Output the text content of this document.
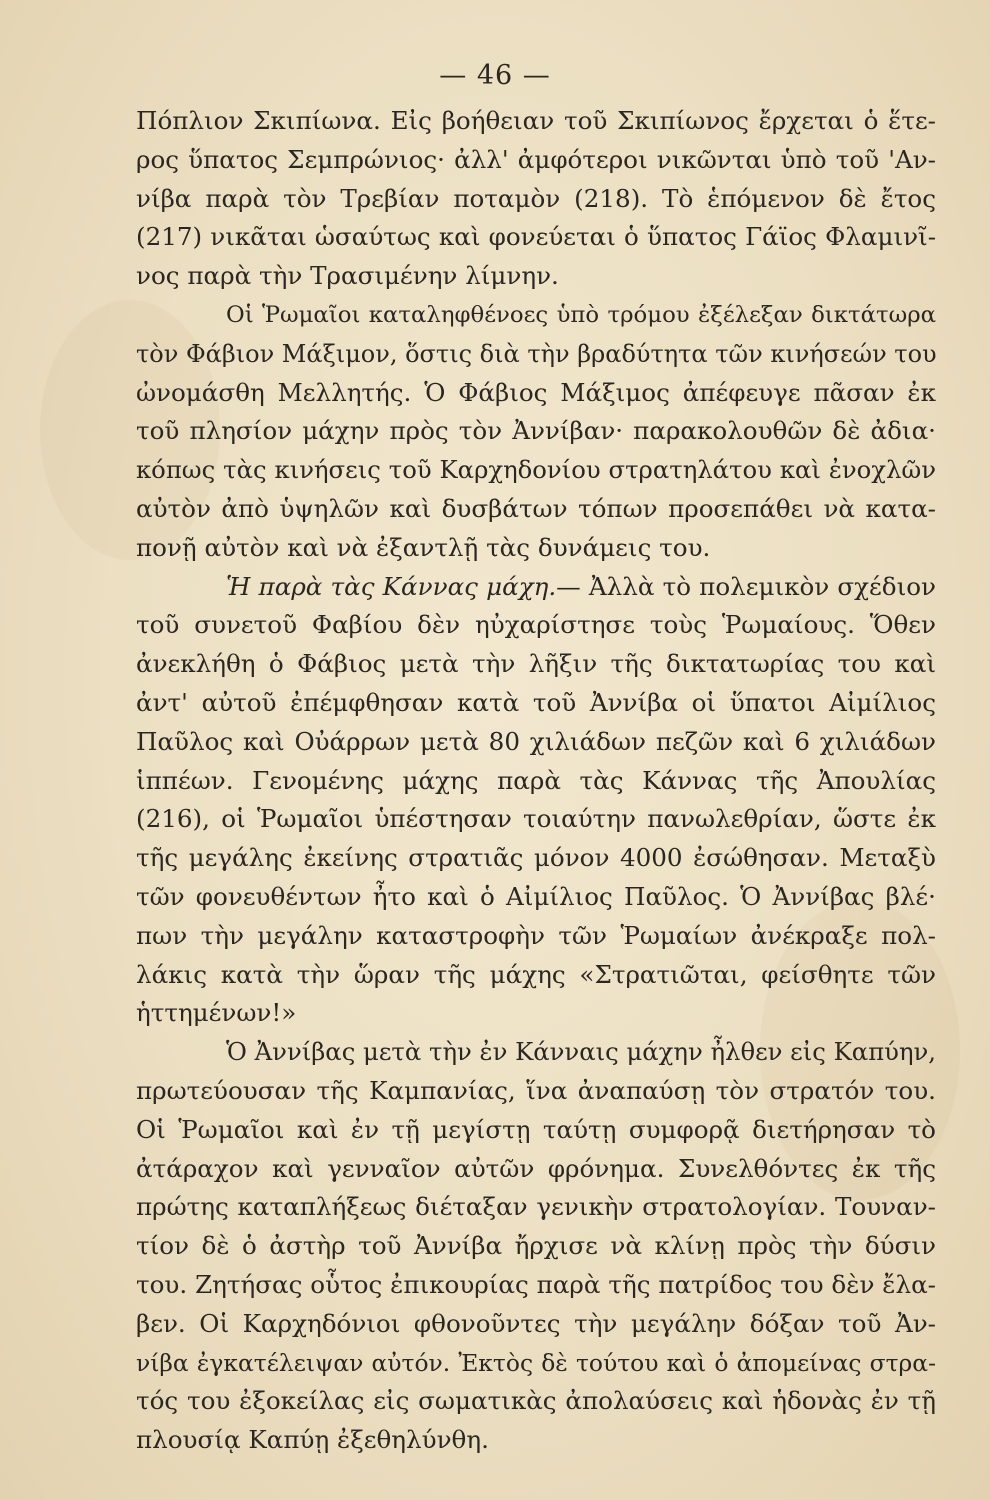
— 46 —
Πόπλιον Σκιπίωνα. Εἰς βοήθειαν τοῦ Σκιπίωνος ἔρχεται ὁ ἕτε-
ρος ὕπατος Σεμπρώνιος· ἀλλ' ἀμφότεροι νικῶνται ὑπὸ τοῦ 'Αν-
νίβα παρὰ τὸν Τρεβίαν ποταμὸν (218). Τὸ ἑπόμενον δὲ ἔτος
(217) νικᾶται ὡσαύτως καὶ φονεύεται ὁ ὕπατος Γάϊος Φλαμινῖ-
νος παρὰ τὴν Τρασιμένην λίμνην.
Οἱ Ῥωμαῖοι καταληφθένοες ὑπὸ τρόμου ἐξέλεξαν δικτάτωρα
τὸν Φάβιον Μάξιμον, ὅστις διὰ τὴν βραδύτητα τῶν κινήσεών του
ὠνομάσθη Μελλητής. Ὁ Φάβιος Μάξιμος ἀπέφευγε πᾶσαν ἐκ
τοῦ πλησίον μάχην πρὸς τὸν Ἀννίβαν· παρακολουθῶν δὲ ἀδια·
κόπως τὰς κινήσεις τοῦ Καρχηδονίου στρατηλάτου καὶ ἐνοχλῶν
αὐτὸν ἀπὸ ὑψηλῶν καὶ δυσβάτων τόπων προσεπάθει νὰ κατα-
πονῇ αὐτὸν καὶ νὰ ἐξαντλῇ τὰς δυνάμεις του.
Ἡ παρὰ τὰς Κάννας μάχη.— Ἀλλὰ τὸ πολεμικὸν σχέδιον
τοῦ συνετοῦ Φαβίου δὲν ηὐχαρίστησε τοὺς Ῥωμαίους. Ὅθεν
ἀνεκλήθη ὁ Φάβιος μετὰ τὴν λῆξιν τῆς δικτατωρίας του καὶ
ἀντ' αὐτοῦ ἐπέμφθησαν κατὰ τοῦ Ἀννίβα οἱ ὕπατοι Αἰμίλιος
Παῦλος καὶ Οὐάρρων μετὰ 80 χιλιάδων πεζῶν καὶ 6 χιλιάδων
ἱππέων. Γενομένης μάχης παρὰ τὰς Κάννας τῆς Ἀπουλίας
(216), οἱ Ῥωμαῖοι ὑπέστησαν τοιαύτην πανωλεθρίαν, ὥστε ἐκ
τῆς μεγάλης ἐκείνης στρατιᾶς μόνον 4000 ἐσώθησαν. Μεταξὺ
τῶν φονευθέντων ἦτο καὶ ὁ Αἰμίλιος Παῦλος. Ὁ Ἀννίβας βλέ·
πων τὴν μεγάλην καταστροφὴν τῶν Ῥωμαίων ἀνέκραξε πολ-
λάκις κατὰ τὴν ὥραν τῆς μάχης «Στρατιῶται, φείσθητε τῶν
ἡττημένων!»
Ὁ Ἀννίβας μετὰ τὴν ἐν Κάνναις μάχην ἦλθεν εἰς Καπύην,
πρωτεύουσαν τῆς Καμπανίας, ἵνα ἀναπαύσῃ τὸν στρατόν του.
Οἱ Ῥωμαῖοι καὶ ἐν τῇ μεγίστῃ ταύτῃ συμφορᾷ διετήρησαν τὸ
ἀτάραχον καὶ γενναῖον αὐτῶν φρόνημα. Συνελθόντες ἐκ τῆς
πρώτης καταπλήξεως διέταξαν γενικὴν στρατολογίαν. Τουναν-
τίον δὲ ὁ ἀστὴρ τοῦ Ἀννίβα ἤρχισε νὰ κλίνῃ πρὸς τὴν δύσιν
του. Ζητήσας οὗτος ἐπικουρίας παρὰ τῆς πατρίδος του δὲν ἔλα-
βεν. Οἱ Καρχηδόνιοι φθονοῦντες τὴν μεγάλην δόξαν τοῦ Ἀν-
νίβα ἐγκατέλειψαν αὐτόν. Ἐκτὸς δὲ τούτου καὶ ὁ ἀπομείνας στρα-
τός του ἐξοκείλας εἰς σωματικὰς ἀπολαύσεις καὶ ἡδονὰς ἐν τῇ
πλουσίᾳ Καπύῃ ἐξεθηλύνθη.
